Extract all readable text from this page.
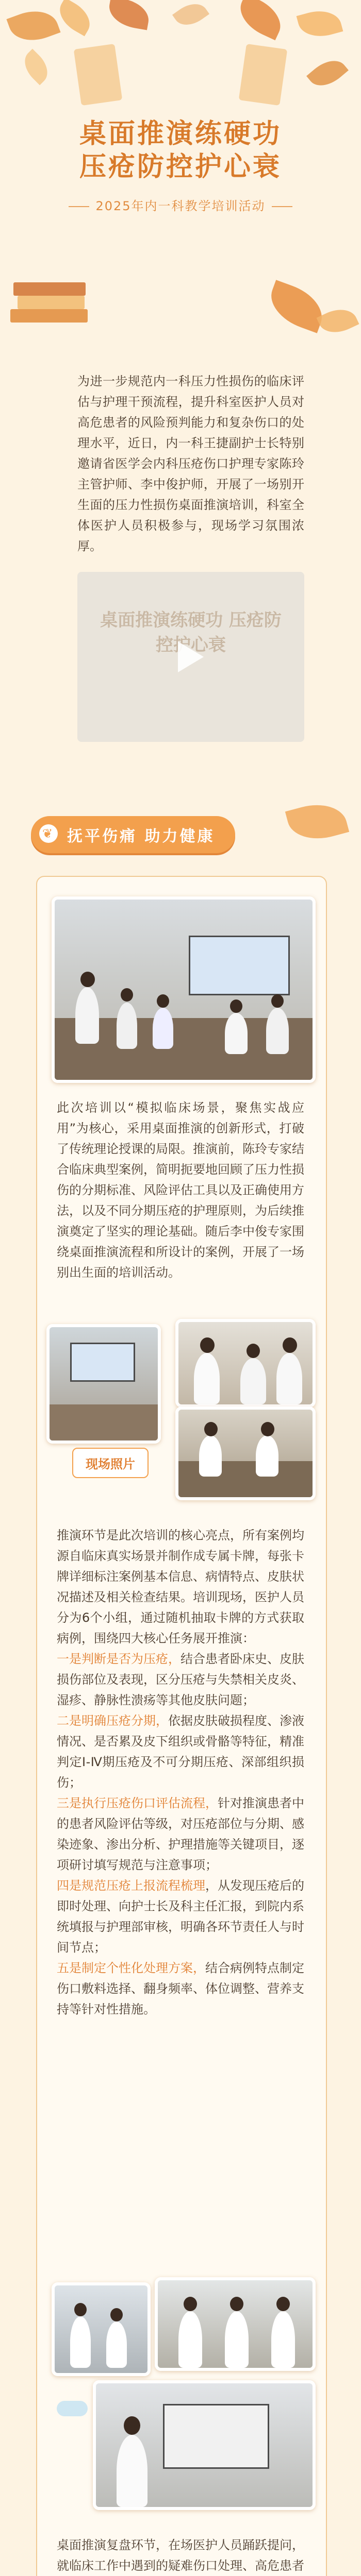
桌面推演练硬功
压疮防控护心衰
2025年内一科教学培训活动
为进一步规范内一科压力性损伤的临床评估与护理干预流程，提升科室医护人员对高危患者的风险预判能力和复杂伤口的处理水平，近日，内一科王捷副护士长特别邀请省医学会内科压疮伤口护理专家陈玲主管护师、李中俊护师，开展了一场别开生面的压力性损伤桌面推演培训，科室全体医护人员积极参与，现场学习氛围浓厚。
桌面推演练硬功 压疮防控护心衰
❦ 抚平伤痛 助力健康
此次培训以“模拟临床场景，聚焦实战应用”为核心，采用桌面推演的创新形式，打破了传统理论授课的局限。推演前，陈玲专家结合临床典型案例，简明扼要地回顾了压力性损伤的分期标准、风险评估工具以及正确使用方法，以及不同分期压疮的护理原则，为后续推演奠定了坚实的理论基础。随后李中俊专家围绕桌面推演流程和所设计的案例，开展了一场别出生面的培训活动。
现场照片
推演环节是此次培训的核心亮点，所有案例均源自临床真实场景并制作成专属卡牌，每张卡牌详细标注案例基本信息、病情特点、皮肤状况描述及相关检查结果。培训现场，医护人员分为6个小组，通过随机抽取卡牌的方式获取病例，围绕四大核心任务展开推演：
一是判断是否为压疮，结合患者卧床史、皮肤损伤部位及表现，区分压疮与失禁相关皮炎、湿疹、静脉性溃疡等其他皮肤问题；
二是明确压疮分期，依据皮肤破损程度、渗液情况、是否累及皮下组织或骨骼等特征，精准判定Ⅰ-Ⅳ期压疮及不可分期压疮、深部组织损伤；
三是执行压疮伤口评估流程，针对推演患者中的患者风险评估等级，对压疮部位与分期、感染迹象、渗出分析、护理措施等关键项目，逐项研讨填写规范与注意事项；
四是规范压疮上报流程梳理，从发现压疮后的即时处理、向护士长及科主任汇报，到院内系统填报与护理部审核，明确各环节责任人与时间节点；
五是制定个性化处理方案，结合病例特点制定伤口敷料选择、翻身频率、体位调整、营养支持等针对性措施。
桌面推演复盘环节，在场医护人员踊跃提问，就临床工作中遇到的疑难伤口处理、高危患者
